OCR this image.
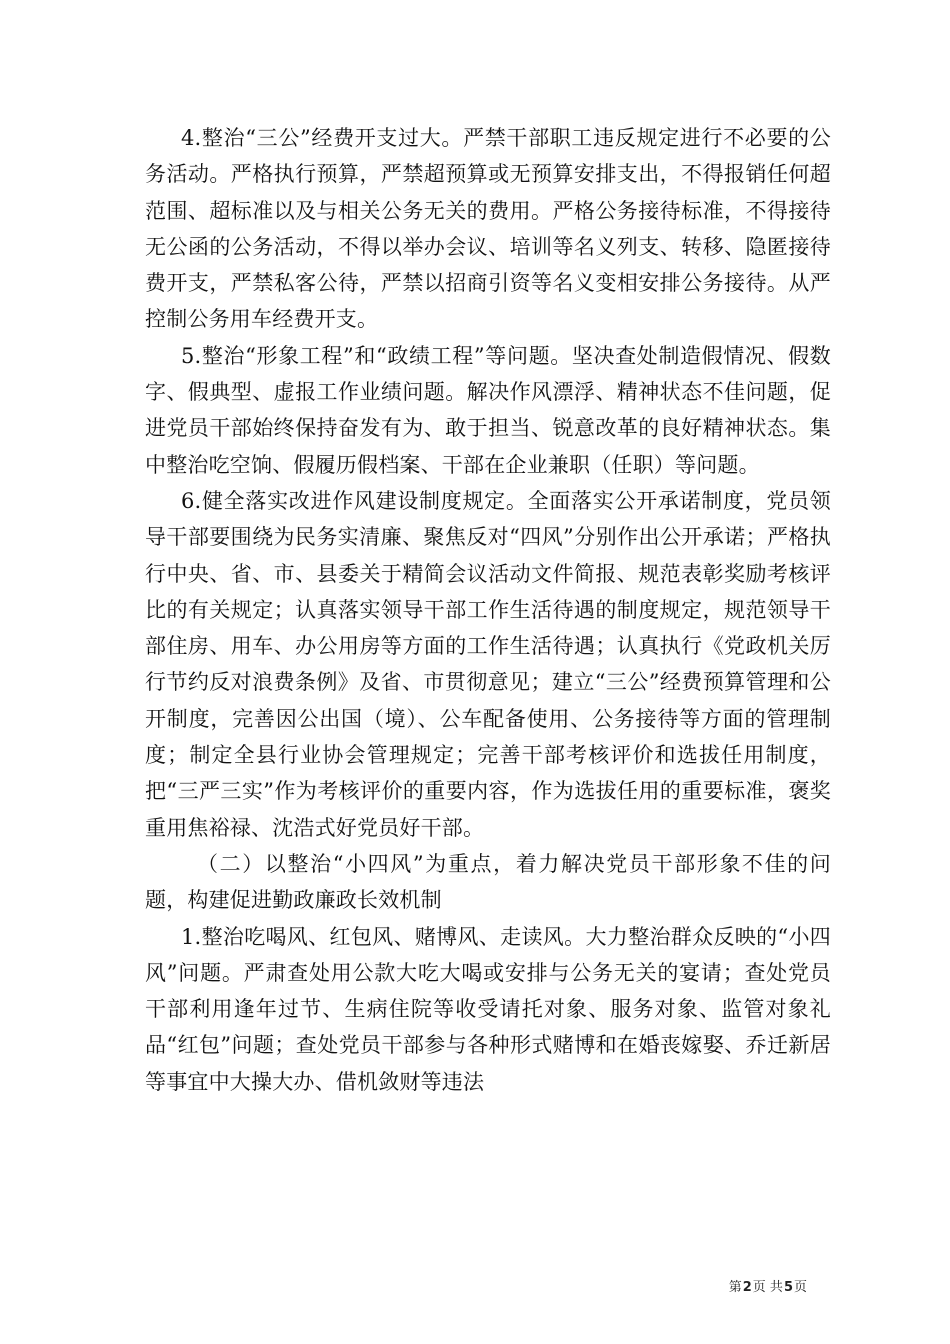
4.整治“三公”经费开支过大。严禁干部职工违反规定进行不必要的公务活动。严格执行预算，严禁超预算或无预算安排支出，不得报销任何超范围、超标准以及与相关公务无关的费用。严格公务接待标准，不得接待无公函的公务活动，不得以举办会议、培训等名义列支、转移、隐匿接待费开支，严禁私客公待，严禁以招商引资等名义变相安排公务接待。从严控制公务用车经费开支。

5.整治“形象工程”和“政绩工程”等问题。坚决查处制造假情况、假数字、假典型、虚报工作业绩问题。解决作风漂浮、精神状态不佳问题，促进党员干部始终保持奋发有为、敢于担当、锐意改革的良好精神状态。集中整治吃空饷、假履历假档案、干部在企业兼职（任职）等问题。

6.健全落实改进作风建设制度规定。全面落实公开承诺制度，党员领导干部要围绕为民务实清廉、聚焦反对“四风”分别作出公开承诺；严格执行中央、省、市、县委关于精简会议活动文件简报、规范表彰奖励考核评比的有关规定；认真落实领导干部工作生活待遇的制度规定，规范领导干部住房、用车、办公用房等方面的工作生活待遇；认真执行《党政机关厉行节约反对浪费条例》及省、市贯彻意见；建立“三公”经费预算管理和公开制度，完善因公出国（境）、公车配备使用、公务接待等方面的管理制度；制定全县行业协会管理规定；完善干部考核评价和选拔任用制度，把“三严三实”作为考核评价的重要内容，作为选拔任用的重要标准，褒奖重用焦裕禄、沈浩式好党员好干部。

（二）以整治“小四风”为重点，着力解决党员干部形象不佳的问题，构建促进勤政廉政长效机制

1.整治吃喝风、红包风、赌博风、走读风。大力整治群众反映的“小四风”问题。严肃查处用公款大吃大喝或安排与公务无关的宴请；查处党员干部利用逢年过节、生病住院等收受请托对象、服务对象、监管对象礼品“红包”问题；查处党员干部参与各种形式赌博和在婚丧嫁娶、乔迁新居等事宜中大操大办、借机敛财等违法

第2页 共5页
